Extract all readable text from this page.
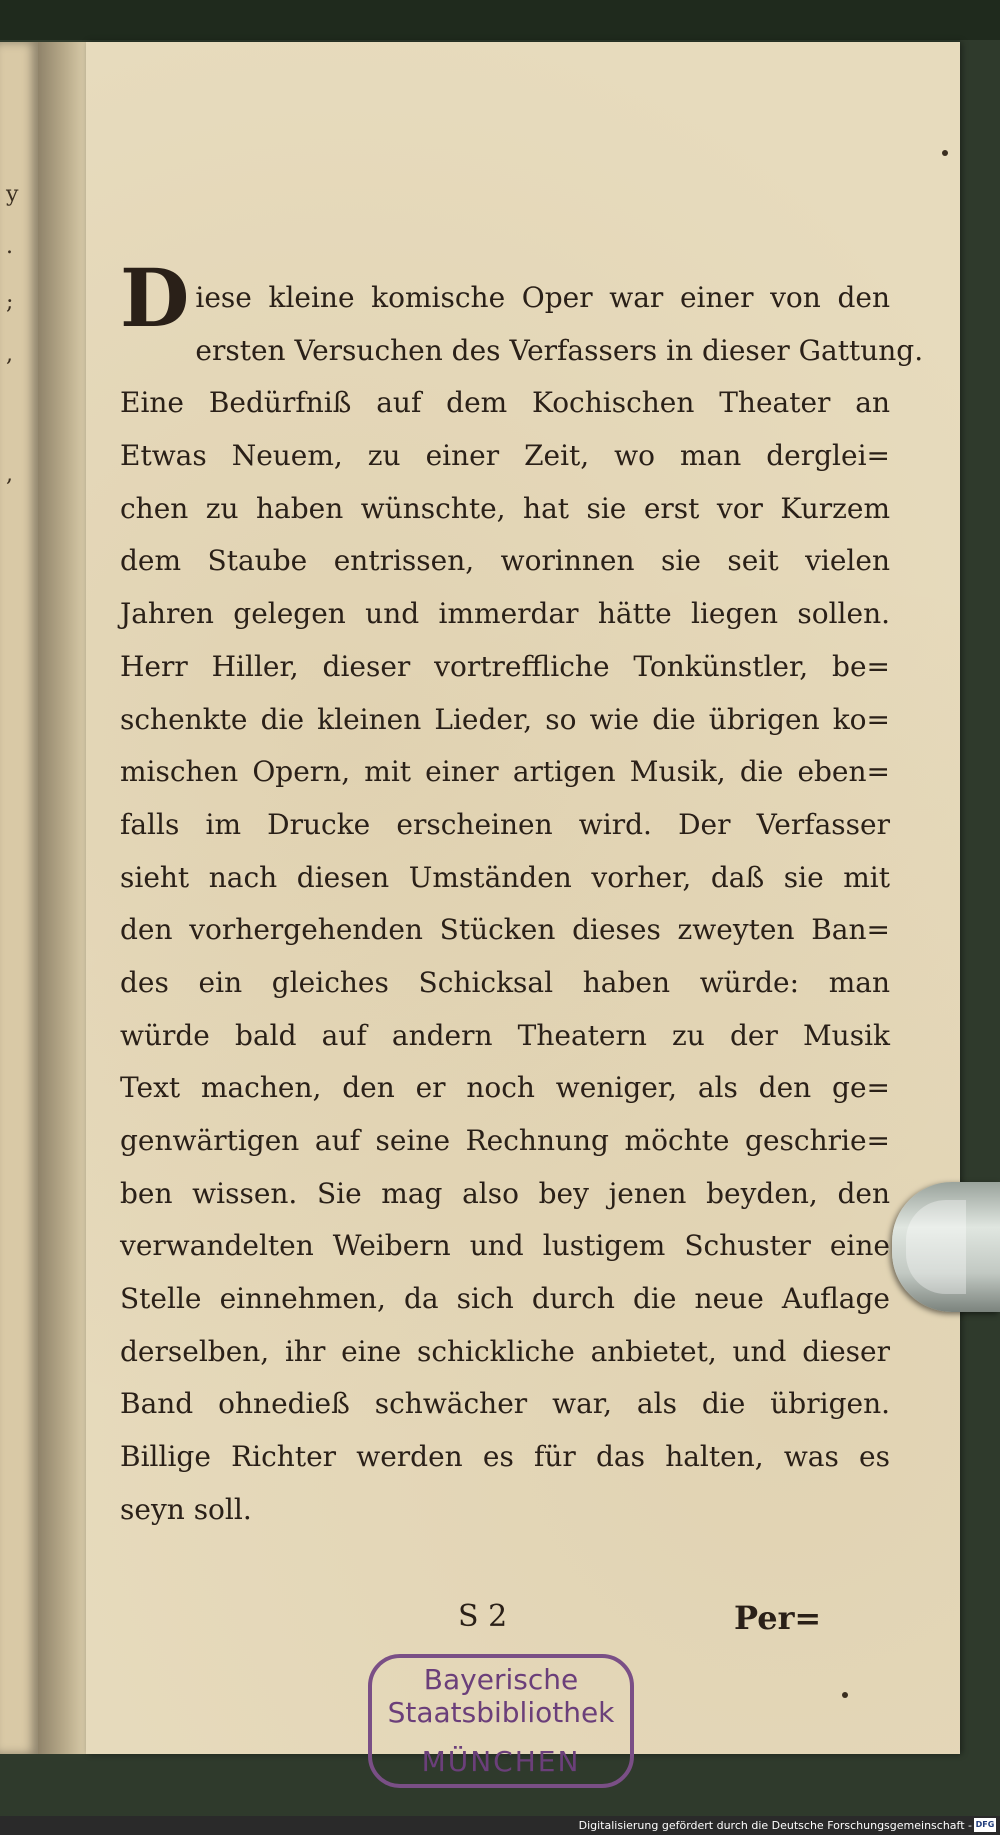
y
.
;
,
,
D iese kleine komische Oper war einer von den
ersten Versuchen des Verfassers in dieser Gattung.
Eine Bedürfniß auf dem Kochischen Theater an
Etwas Neuem, zu einer Zeit, wo man derglei=
chen zu haben wünschte, hat sie erst vor Kurzem
dem Staube entrissen, worinnen sie seit vielen
Jahren gelegen und immerdar hätte liegen sollen.
Herr Hiller, dieser vortreffliche Tonkünstler, be=
schenkte die kleinen Lieder, so wie die übrigen ko=
mischen Opern, mit einer artigen Musik, die eben=
falls im Drucke erscheinen wird. Der Verfasser
sieht nach diesen Umständen vorher, daß sie mit
den vorhergehenden Stücken dieses zweyten Ban=
des ein gleiches Schicksal haben würde: man
würde bald auf andern Theatern zu der Musik
Text machen, den er noch weniger, als den ge=
genwärtigen auf seine Rechnung möchte geschrie=
ben wissen. Sie mag also bey jenen beyden, den
verwandelten Weibern und lustigem Schuster eine
Stelle einnehmen, da sich durch die neue Auflage
derselben, ihr eine schickliche anbietet, und dieser
Band ohnedieß schwächer war, als die übrigen.
Billige Richter werden es für das halten, was es
seyn soll.
S 2	Per=
Bayerische
Staatsbibliothek
MÜNCHEN
Digitalisierung gefördert durch die Deutsche Forschungsgemeinschaft - DFG
